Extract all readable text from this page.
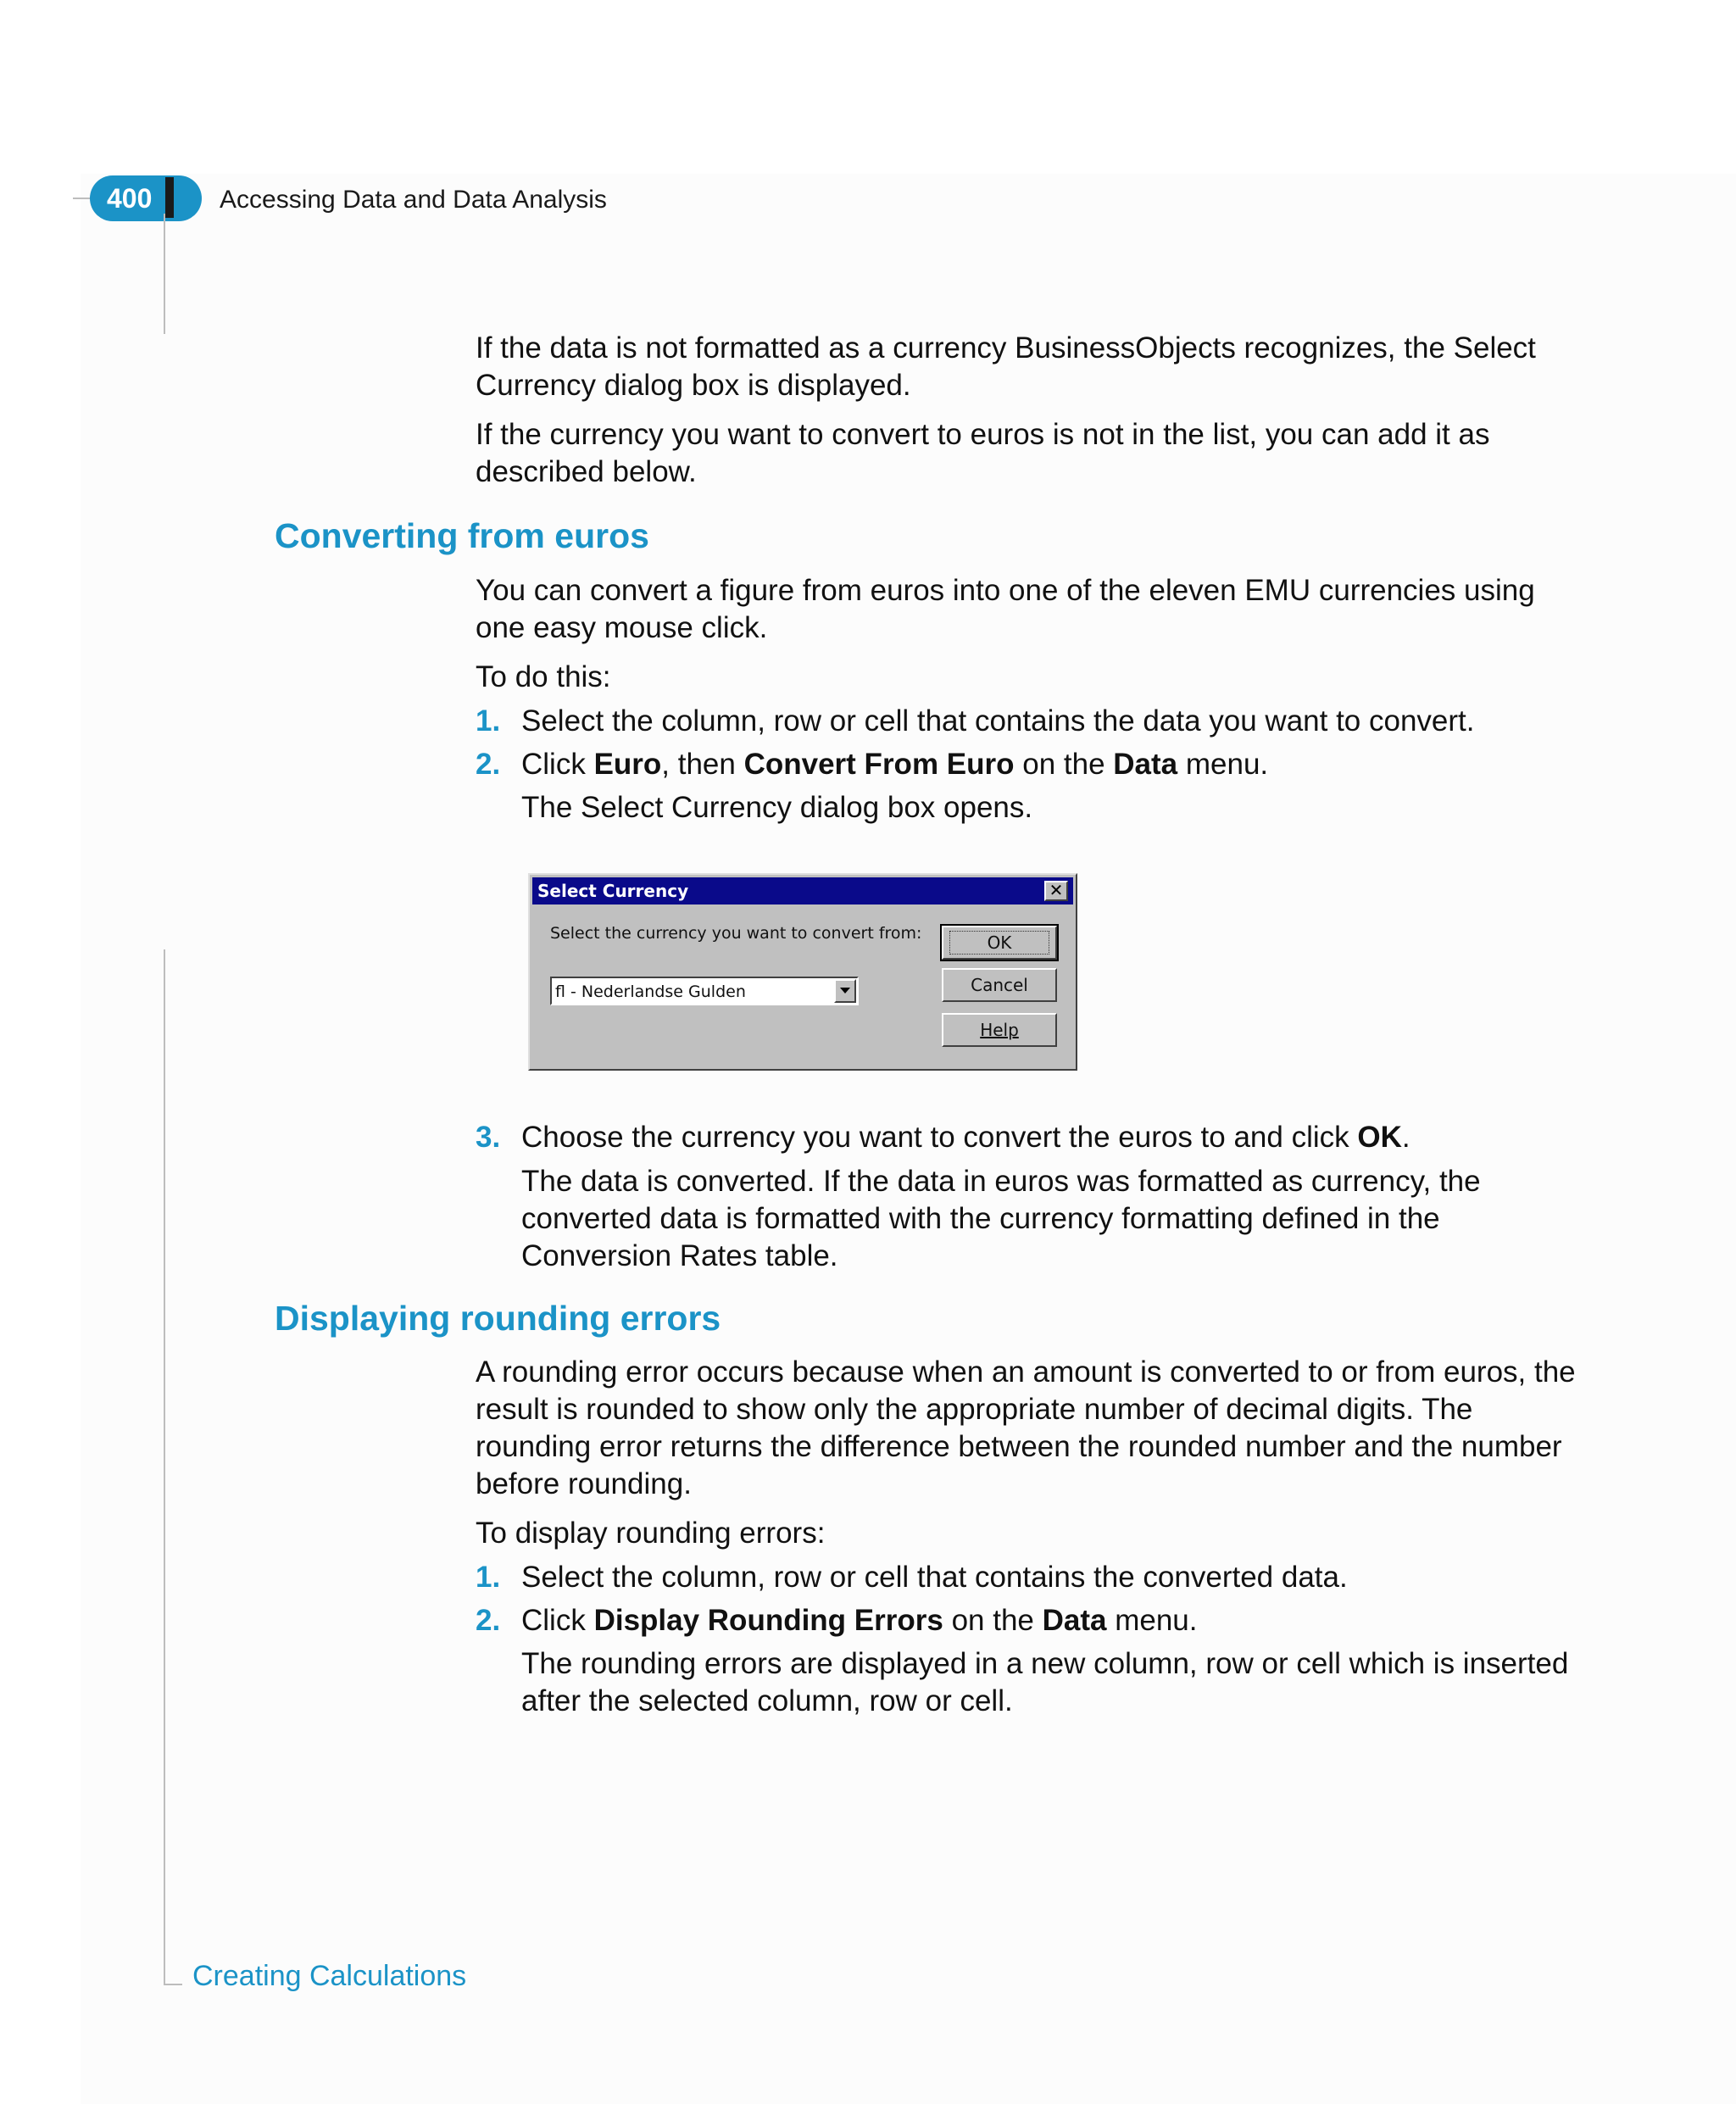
400	Accessing Data and Data Analysis

If the data is not formatted as a currency BusinessObjects recognizes, the Select Currency dialog box is displayed.

If the currency you want to convert to euros is not in the list, you can add it as described below.

Converting from euros

You can convert a figure from euros into one of the eleven EMU currencies using one easy mouse click.

To do this:

1. Select the column, row or cell that contains the data you want to convert.
2. Click Euro, then Convert From Euro on the Data menu.

The Select Currency dialog box opens.

Select Currency	✕
Select the currency you want to convert from:
fl - Nederlandse Gulden
OK
Cancel
Help
3. Choose the currency you want to convert the euros to and click OK.

The data is converted. If the data in euros was formatted as currency, the converted data is formatted with the currency formatting defined in the Conversion Rates table.

Displaying rounding errors

A rounding error occurs because when an amount is converted to or from euros, the result is rounded to show only the appropriate number of decimal digits. The rounding error returns the difference between the rounded number and the number before rounding.

To display rounding errors:

1. Select the column, row or cell that contains the converted data.
2. Click Display Rounding Errors on the Data menu.

The rounding errors are displayed in a new column, row or cell which is inserted after the selected column, row or cell.

Creating Calculations
